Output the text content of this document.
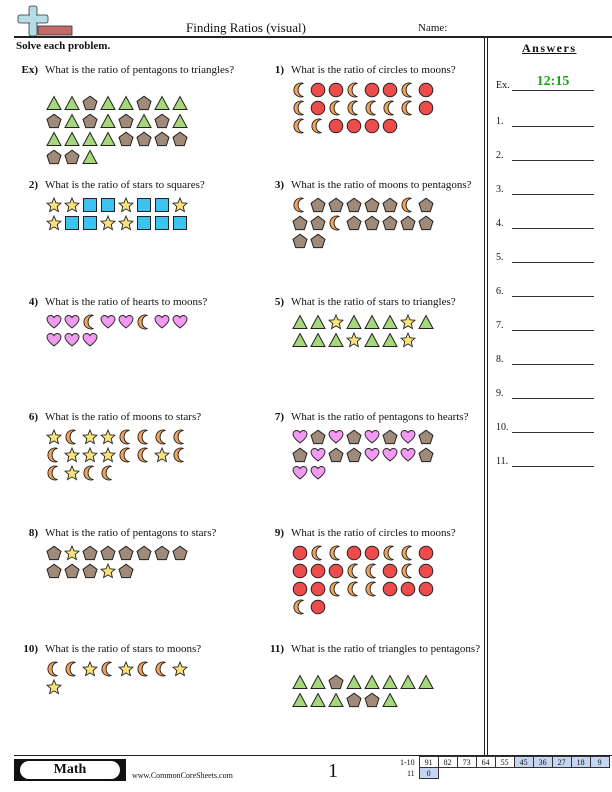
Finding Ratios (visual)	Name:
Solve each problem.	Answers
Ex.	12:15
1.
2.
3.
4.
5.
6.
7.
8.
9.
10.
11.
Ex) What is the ratio of pentagons to triangles?	1) What is the ratio of circles to moons?
2) What is the ratio of stars to squares?	3) What is the ratio of moons to pentagons?
4) What is the ratio of hearts to moons?	5) What is the ratio of stars to triangles?
6) What is the ratio of moons to stars?	7) What is the ratio of pentagons to hearts?
8) What is the ratio of pentagons to stars?	9) What is the ratio of circles to moons?
10) What is the ratio of stars to moons?	11) What is the ratio of triangles to pentagons?
Math	www.CommonCoreSheets.com	1	1-10	91	82	73	64	55	45	36	27	18	9
11	0									
